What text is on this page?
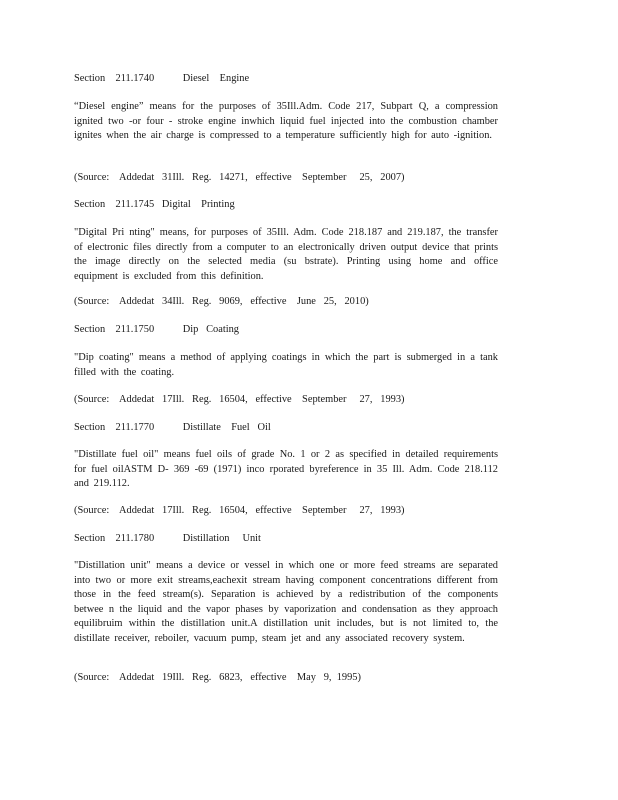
Section    211.1740           Diesel    Engine

“Diesel engine” means for the purposes of 35Ill.Adm. Code 217, Subpart Q, a compression ignited two -or four - stroke engine inwhich liquid fuel injected into the combustion chamber ignites when the air charge is compressed to a temperature sufficiently high for auto -ignition.

(Source:    Addedat   31Ill.   Reg.   14271,   effective    September     25,   2007)
Section    211.1745   Digital    Printing

"Digital Pri nting" means, for purposes of 35Ill. Adm. Code 218.187 and 219.187, the transfer of electronic files directly from a computer to an electronically driven output device that prints the image directly on the selected media (su bstrate). Printing using home and office equipment is excluded from this definition.

(Source:    Addedat   34Ill.   Reg.   9069,   effective    June   25,   2010)
Section    211.1750           Dip   Coating

"Dip coating" means a method of applying coatings in which the part is submerged in a tank filled with the coating.

(Source:    Addedat   17Ill.   Reg.   16504,   effective    September     27,   1993)
Section    211.1770           Distillate    Fuel   Oil

"Distillate fuel oil" means fuel oils of grade No. 1 or 2 as specified in detailed requirements for fuel oilASTM D- 369 -69 (1971) inco rporated byreference in 35 Ill. Adm. Code 218.112 and 219.112.

(Source:    Addedat   17Ill.   Reg.   16504,   effective    September     27,   1993)
Section    211.1780           Distillation     Unit

"Distillation unit" means a device or vessel in which one or more feed streams are separated into two or more exit streams,eachexit stream having component concentrations different from those in the feed stream(s). Separation is achieved by a redistribution of the components betwee n the liquid and the vapor phases by vaporization and condensation as they approach equilibruim within the distillation unit.A distillation unit includes, but is not limited to, the distillate receiver, reboiler, vacuum pump, steam jet and any associated recovery system.

(Source:    Addedat   19Ill.   Reg.   6823,   effective    May   9,  1995)
